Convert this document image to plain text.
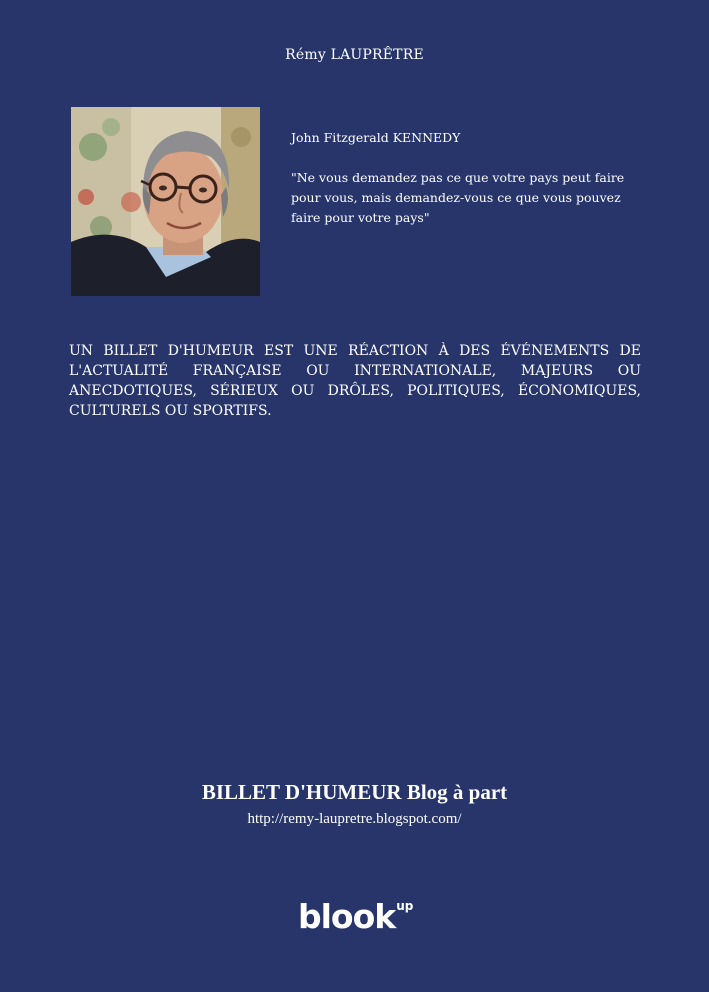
Rémy LAUPRÊTRE

John Fitzgerald KENNEDY

"Ne vous demandez pas ce que votre pays peut faire pour vous, mais demandez-vous ce que vous pouvez faire pour votre pays"

UN BILLET D'HUMEUR EST UNE RÉACTION À DES ÉVÉNEMENTS DE L'ACTUALITÉ FRANÇAISE OU INTERNATIONALE, MAJEURS OU ANECDOTIQUES, SÉRIEUX OU DRÔLES, POLITIQUES, ÉCONOMIQUES, CULTURELS OU SPORTIFS.
BILLET D'HUMEUR Blog à part
http://remy-laupretre.blogspot.com/
blook$^{up}$
